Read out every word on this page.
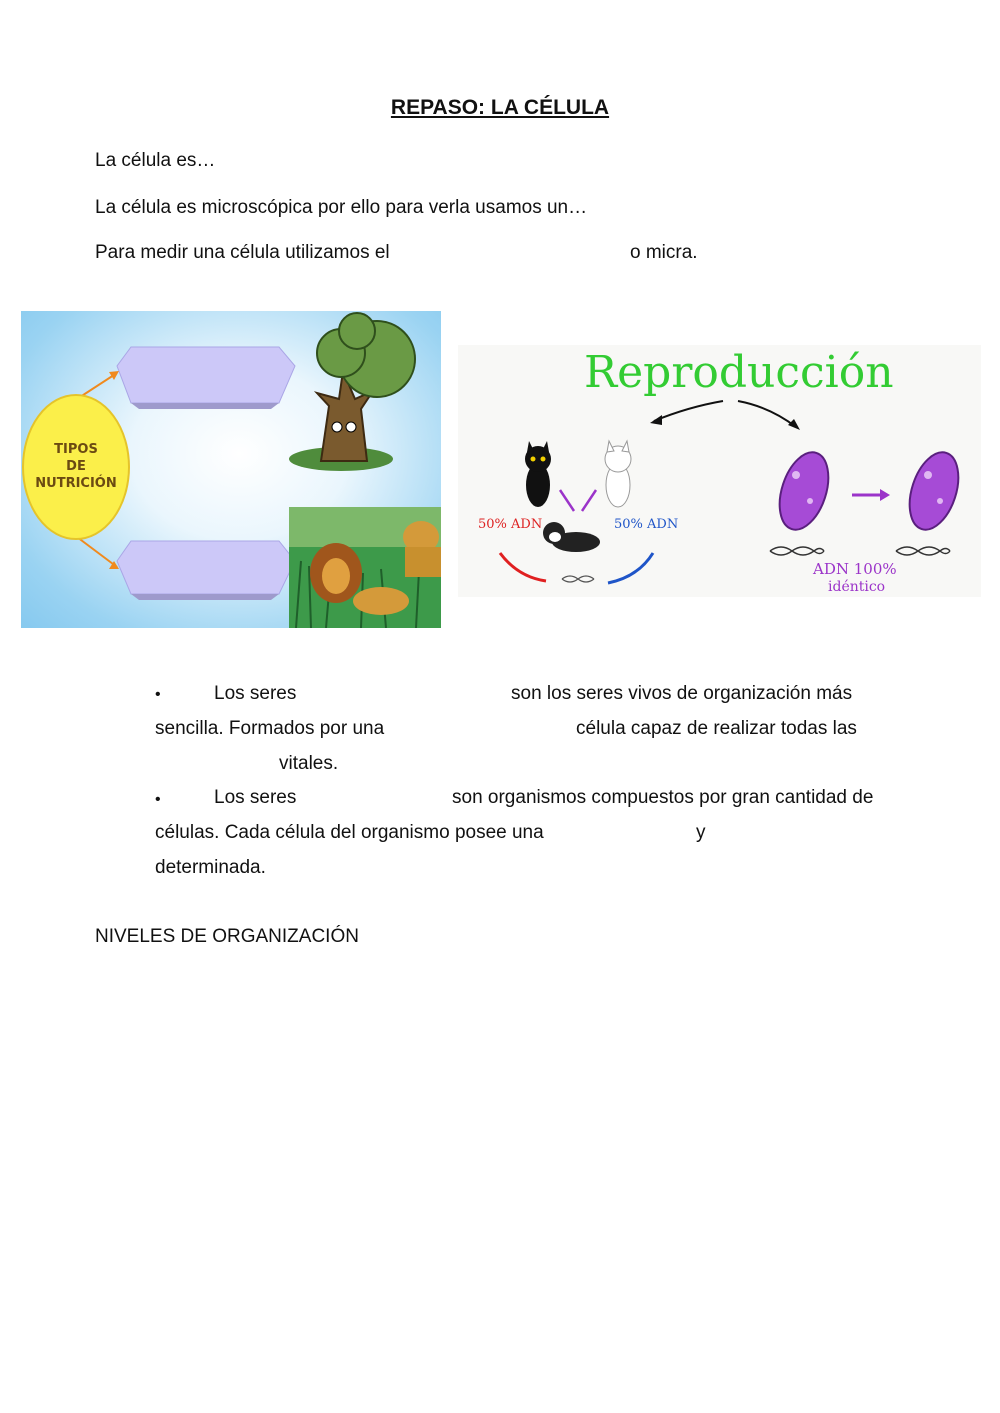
REPASO: LA CÉLULA
La célula es…
La célula es microscópica por ello para verla usamos un…
Para medir una célula utilizamos el	o micra.
TIPOS
DE
NUTRICIÓN
Reproducción
50% ADN	50% ADN
ADN 100%
idéntico
•	Los seres	son los seres vivos de organización más
sencilla. Formados por una	célula capaz de realizar todas las
vitales.
•	Los seres	son organismos compuestos por gran cantidad de
células. Cada célula del organismo posee una	y
determinada.
NIVELES DE ORGANIZACIÓN
